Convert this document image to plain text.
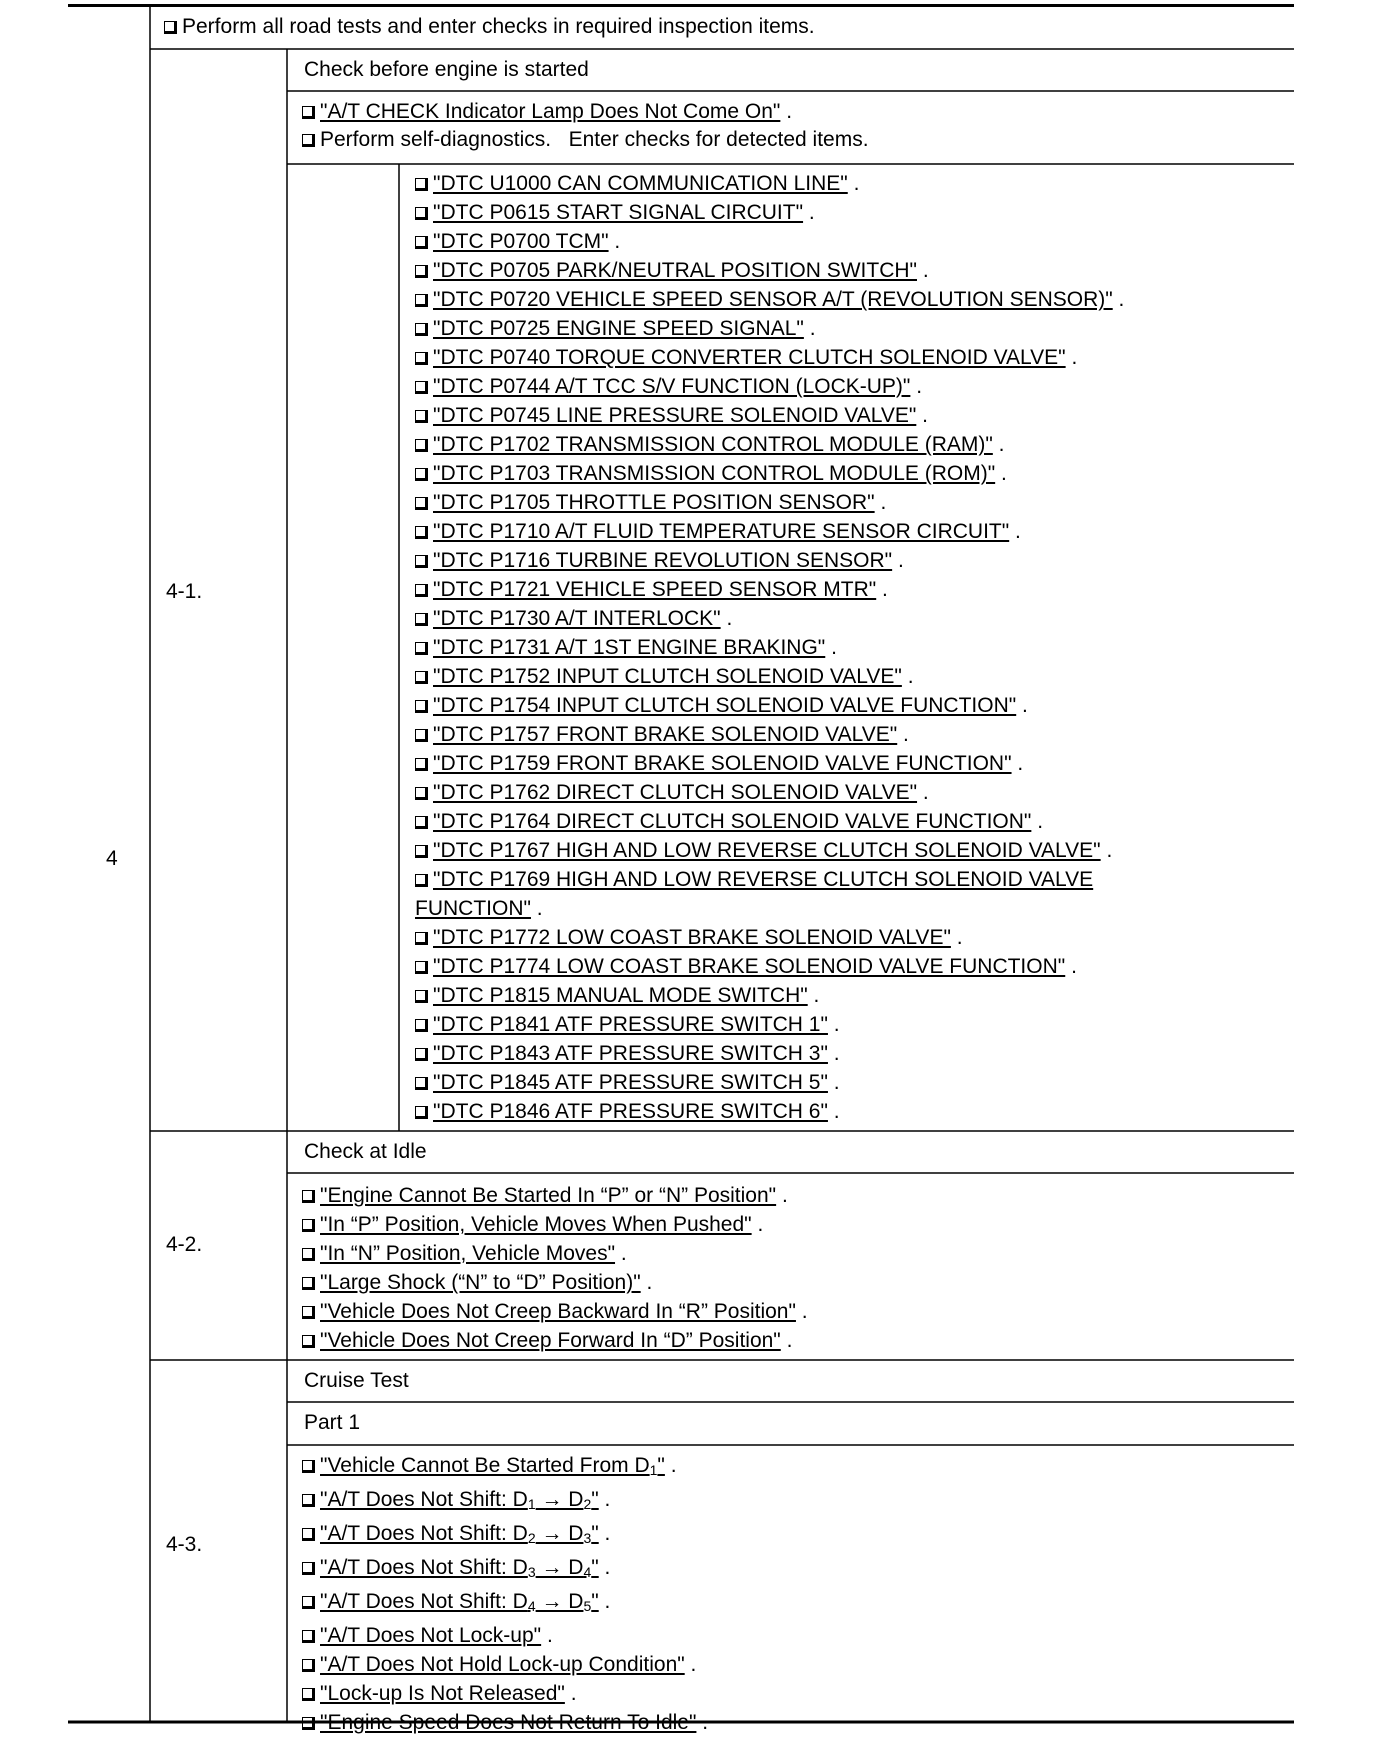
4
Perform all road tests and enter checks in required inspection items.
4-1.
Check before engine is started
"A/T CHECK Indicator Lamp Does Not Come On" .
Perform self-diagnostics.   Enter checks for detected items.
"DTC U1000 CAN COMMUNICATION LINE" .
"DTC P0615 START SIGNAL CIRCUIT" .
"DTC P0700 TCM" .
"DTC P0705 PARK/NEUTRAL POSITION SWITCH" .
"DTC P0720 VEHICLE SPEED SENSOR A/T (REVOLUTION SENSOR)" .
"DTC P0725 ENGINE SPEED SIGNAL" .
"DTC P0740 TORQUE CONVERTER CLUTCH SOLENOID VALVE" .
"DTC P0744 A/T TCC S/V FUNCTION (LOCK-UP)" .
"DTC P0745 LINE PRESSURE SOLENOID VALVE" .
"DTC P1702 TRANSMISSION CONTROL MODULE (RAM)" .
"DTC P1703 TRANSMISSION CONTROL MODULE (ROM)" .
"DTC P1705 THROTTLE POSITION SENSOR" .
"DTC P1710 A/T FLUID TEMPERATURE SENSOR CIRCUIT" .
"DTC P1716 TURBINE REVOLUTION SENSOR" .
"DTC P1721 VEHICLE SPEED SENSOR MTR" .
"DTC P1730 A/T INTERLOCK" .
"DTC P1731 A/T 1ST ENGINE BRAKING" .
"DTC P1752 INPUT CLUTCH SOLENOID VALVE" .
"DTC P1754 INPUT CLUTCH SOLENOID VALVE FUNCTION" .
"DTC P1757 FRONT BRAKE SOLENOID VALVE" .
"DTC P1759 FRONT BRAKE SOLENOID VALVE FUNCTION" .
"DTC P1762 DIRECT CLUTCH SOLENOID VALVE" .
"DTC P1764 DIRECT CLUTCH SOLENOID VALVE FUNCTION" .
"DTC P1767 HIGH AND LOW REVERSE CLUTCH SOLENOID VALVE" .
"DTC P1769 HIGH AND LOW REVERSE CLUTCH SOLENOID VALVE
FUNCTION" .
"DTC P1772 LOW COAST BRAKE SOLENOID VALVE" .
"DTC P1774 LOW COAST BRAKE SOLENOID VALVE FUNCTION" .
"DTC P1815 MANUAL MODE SWITCH" .
"DTC P1841 ATF PRESSURE SWITCH 1" .
"DTC P1843 ATF PRESSURE SWITCH 3" .
"DTC P1845 ATF PRESSURE SWITCH 5" .
"DTC P1846 ATF PRESSURE SWITCH 6" .
4-2.
Check at Idle
"Engine Cannot Be Started In “P” or “N” Position" .
"In “P” Position, Vehicle Moves When Pushed" .
"In “N” Position, Vehicle Moves" .
"Large Shock (“N” to “D” Position)" .
"Vehicle Does Not Creep Backward In “R” Position" .
"Vehicle Does Not Creep Forward In “D” Position" .
4-3.
Cruise Test
Part 1
"Vehicle Cannot Be Started From $D_1$" .
"A/T Does Not Shift: $D_1 \to D_2$" .
"A/T Does Not Shift: $D_2 \to D_3$" .
"A/T Does Not Shift: $D_3 \to D_4$" .
"A/T Does Not Shift: $D_4 \to D_5$" .
"A/T Does Not Lock-up" .
"A/T Does Not Hold Lock-up Condition" .
"Lock-up Is Not Released" .
"Engine Speed Does Not Return To Idle" .
